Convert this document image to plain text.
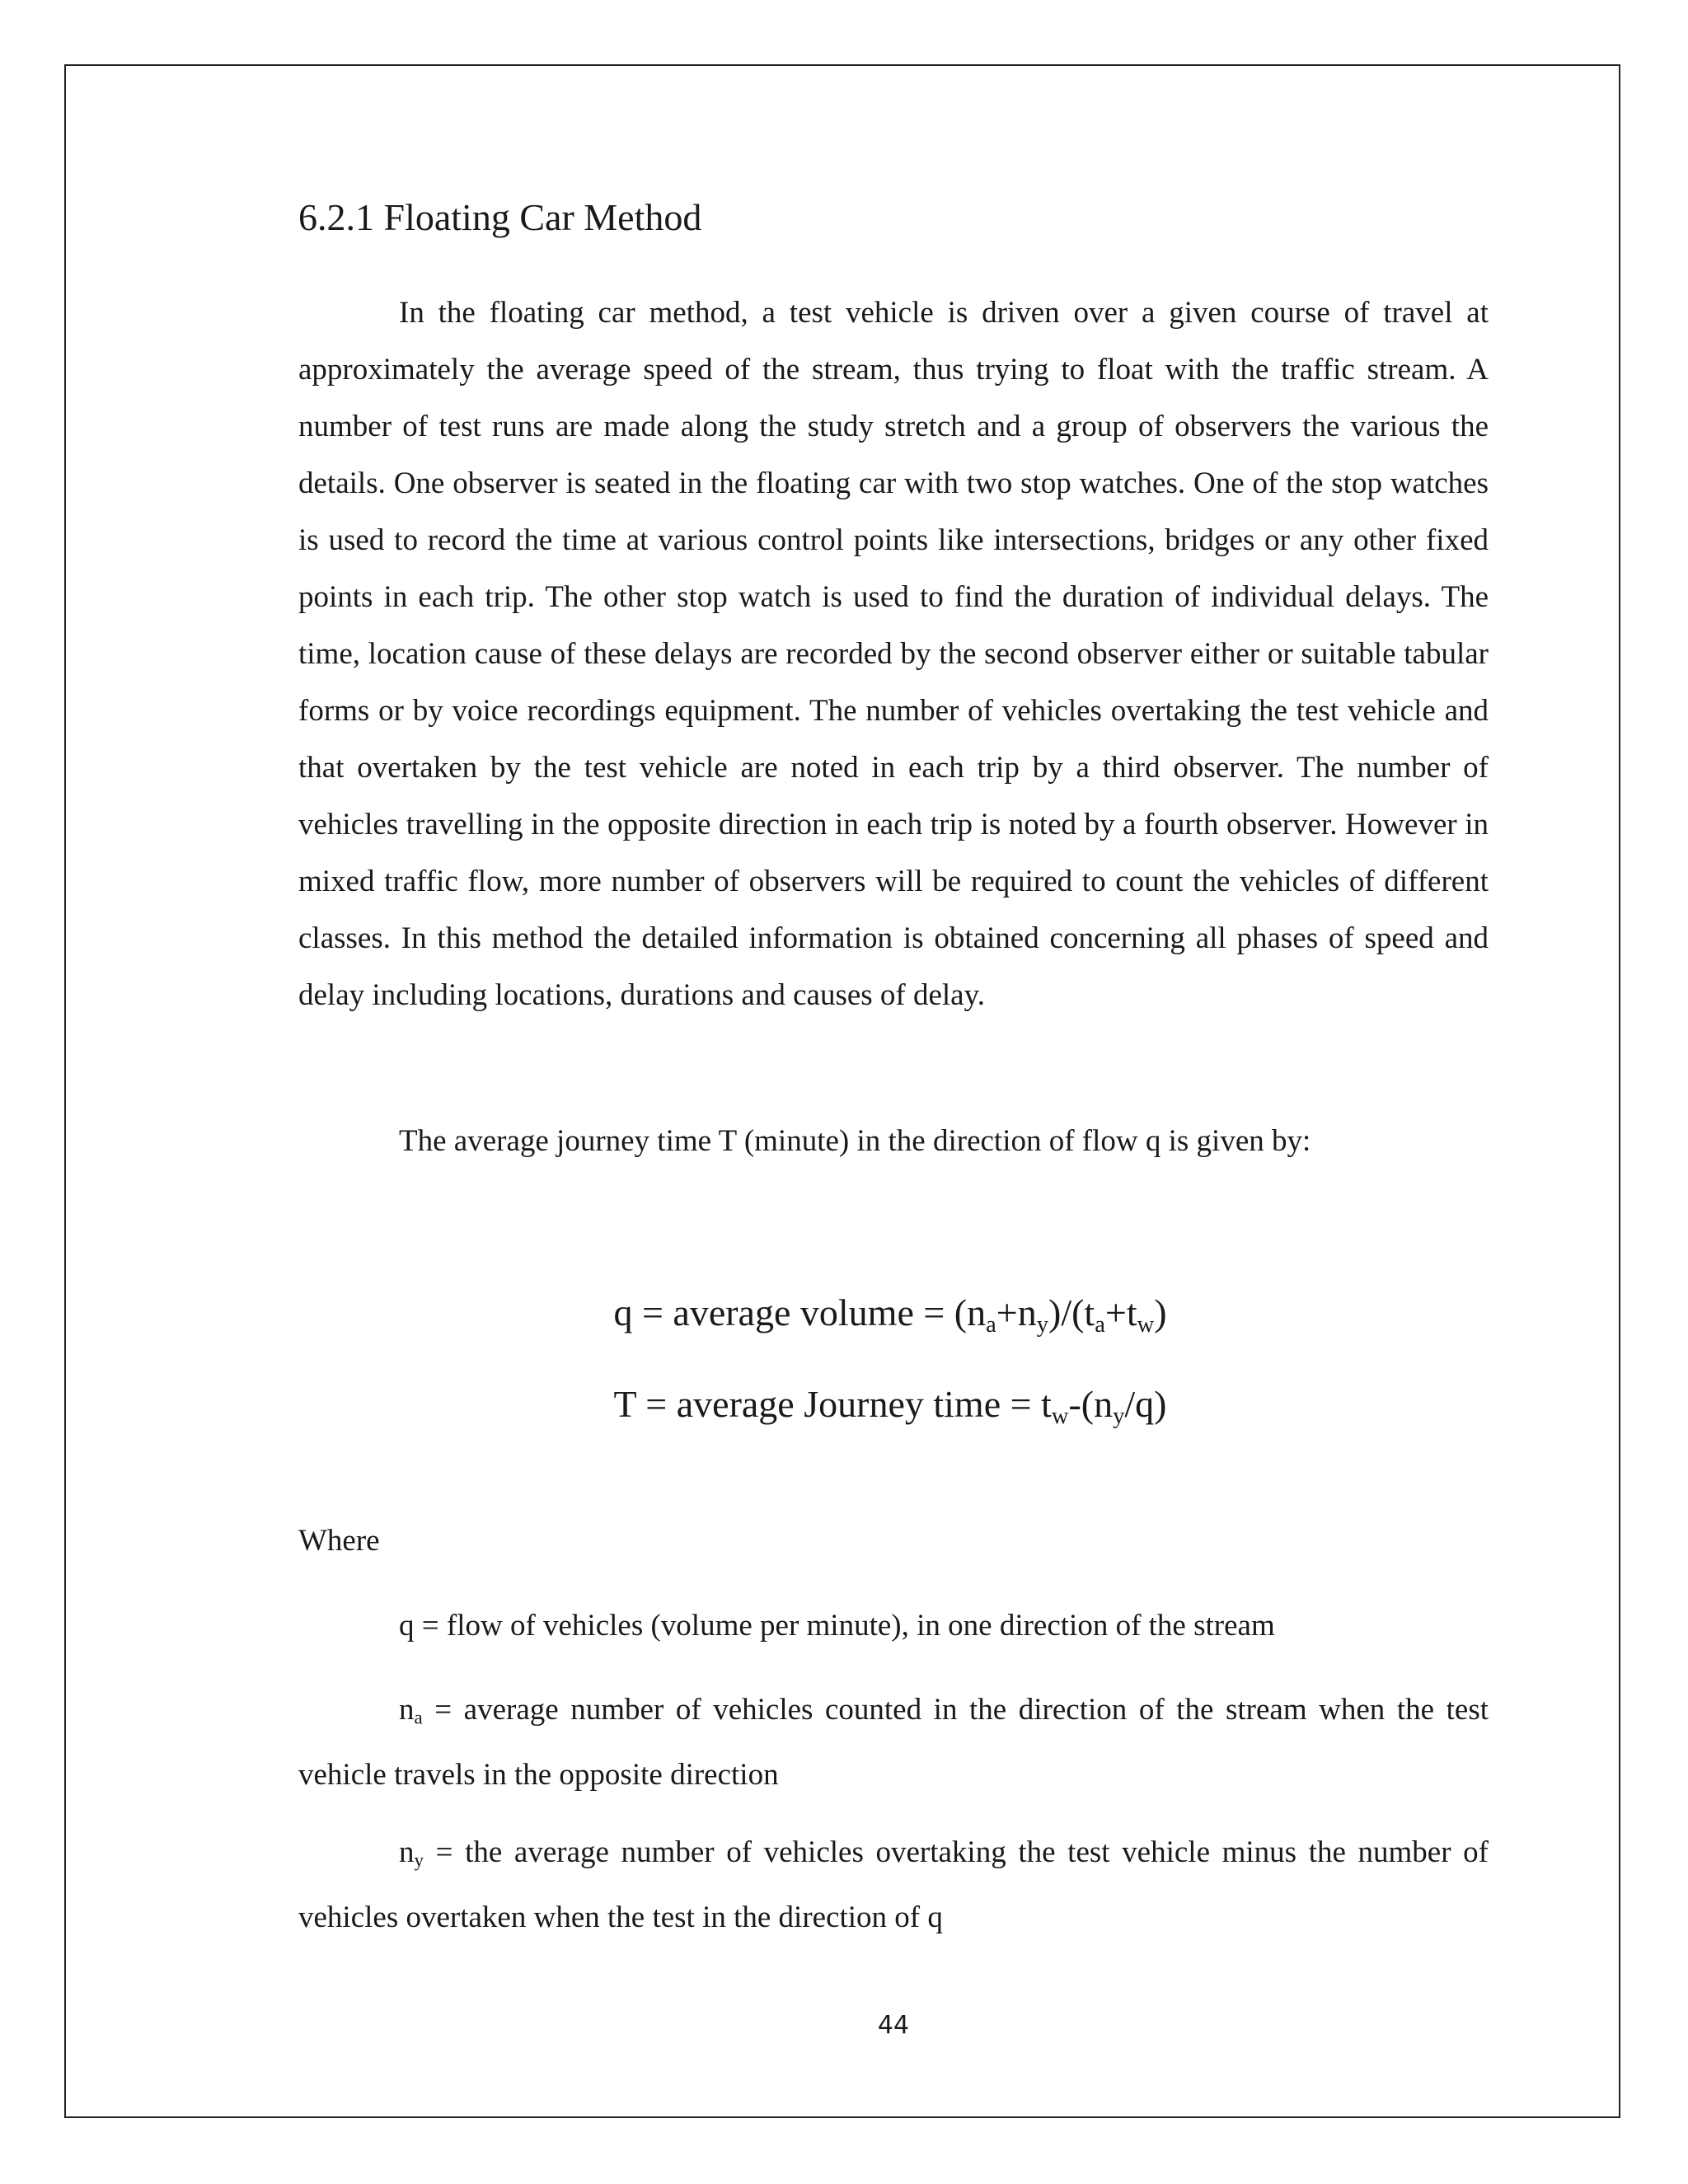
6.2.1 Floating Car Method

In the floating car method, a test vehicle is driven over a given course of travel at approximately the average speed of the stream, thus trying to float with the traffic stream. A number of test runs are made along the study stretch and a group of observers the various the details. One observer is seated in the floating car with two stop watches. One of the stop watches is used to record the time at various control points like intersections, bridges or any other fixed points in each trip. The other stop watch is used to find the duration of individual delays. The time, location cause of these delays are recorded by the second observer either or suitable tabular forms or by voice recordings equipment. The number of vehicles overtaking the test vehicle and that overtaken by the test vehicle are noted in each trip by a third observer. The number of vehicles travelling in the opposite direction in each trip is noted by a fourth observer. However in mixed traffic flow, more number of observers will be required to count the vehicles of different classes. In this method the detailed information is obtained concerning all phases of speed and delay including locations, durations and causes of delay.

The average journey time T (minute) in the direction of flow q is given by:

q = average volume = $(n_a+n_y)/(t_a+t_w)$

T = average Journey time = $t_w-(n_y/q)$

Where

q = flow of vehicles (volume per minute), in one direction of the stream

$n_a$ = average number of vehicles counted in the direction of the stream when the test vehicle travels in the opposite direction

$n_y$ = the average number of vehicles overtaking the test vehicle minus the number of vehicles overtaken when the test in the direction of q

44
